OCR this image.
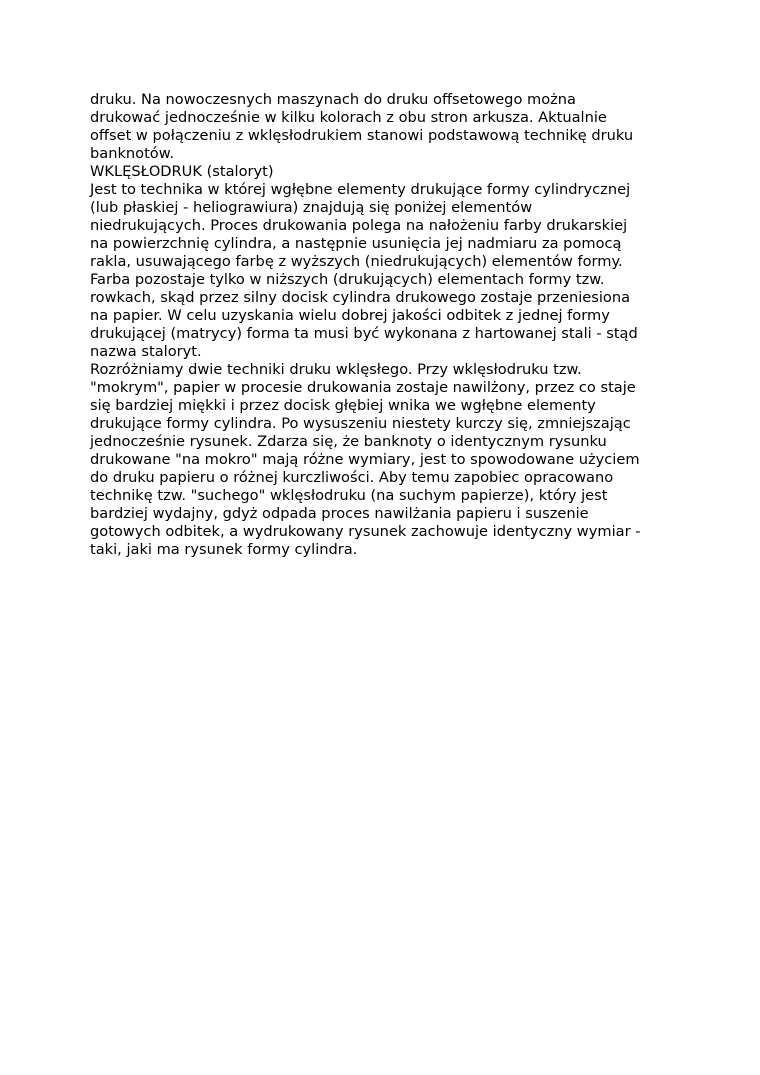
druku. Na nowoczesnych maszynach do druku offsetowego można
drukować jednocześnie w kilku kolorach z obu stron arkusza. Aktualnie
offset w połączeniu z wklęsłodrukiem stanowi podstawową technikę druku
banknotów.
WKLĘSŁODRUK (staloryt)
Jest to technika w której wgłębne elementy drukujące formy cylindrycznej
(lub płaskiej - heliograwiura) znajdują się poniżej elementów
niedrukujących. Proces drukowania polega na nałożeniu farby drukarskiej
na powierzchnię cylindra, a następnie usunięcia jej nadmiaru za pomocą
rakla, usuwającego farbę z wyższych (niedrukujących) elementów formy.
Farba pozostaje tylko w niższych (drukujących) elementach formy tzw.
rowkach, skąd przez silny docisk cylindra drukowego zostaje przeniesiona
na papier. W celu uzyskania wielu dobrej jakości odbitek z jednej formy
drukującej (matrycy) forma ta musi być wykonana z hartowanej stali - stąd
nazwa staloryt.
Rozróżniamy dwie techniki druku wklęsłego. Przy wklęsłodruku tzw.
"mokrym", papier w procesie drukowania zostaje nawilżony, przez co staje
się bardziej miękki i przez docisk głębiej wnika we wgłębne elementy
drukujące formy cylindra. Po wysuszeniu niestety kurczy się, zmniejszając
jednocześnie rysunek. Zdarza się, że banknoty o identycznym rysunku
drukowane "na mokro" mają różne wymiary, jest to spowodowane użyciem
do druku papieru o różnej kurczliwości. Aby temu zapobiec opracowano
technikę tzw. "suchego" wklęsłodruku (na suchym papierze), który jest
bardziej wydajny, gdyż odpada proces nawilżania papieru i suszenie
gotowych odbitek, a wydrukowany rysunek zachowuje identyczny wymiar -
taki, jaki ma rysunek formy cylindra.
